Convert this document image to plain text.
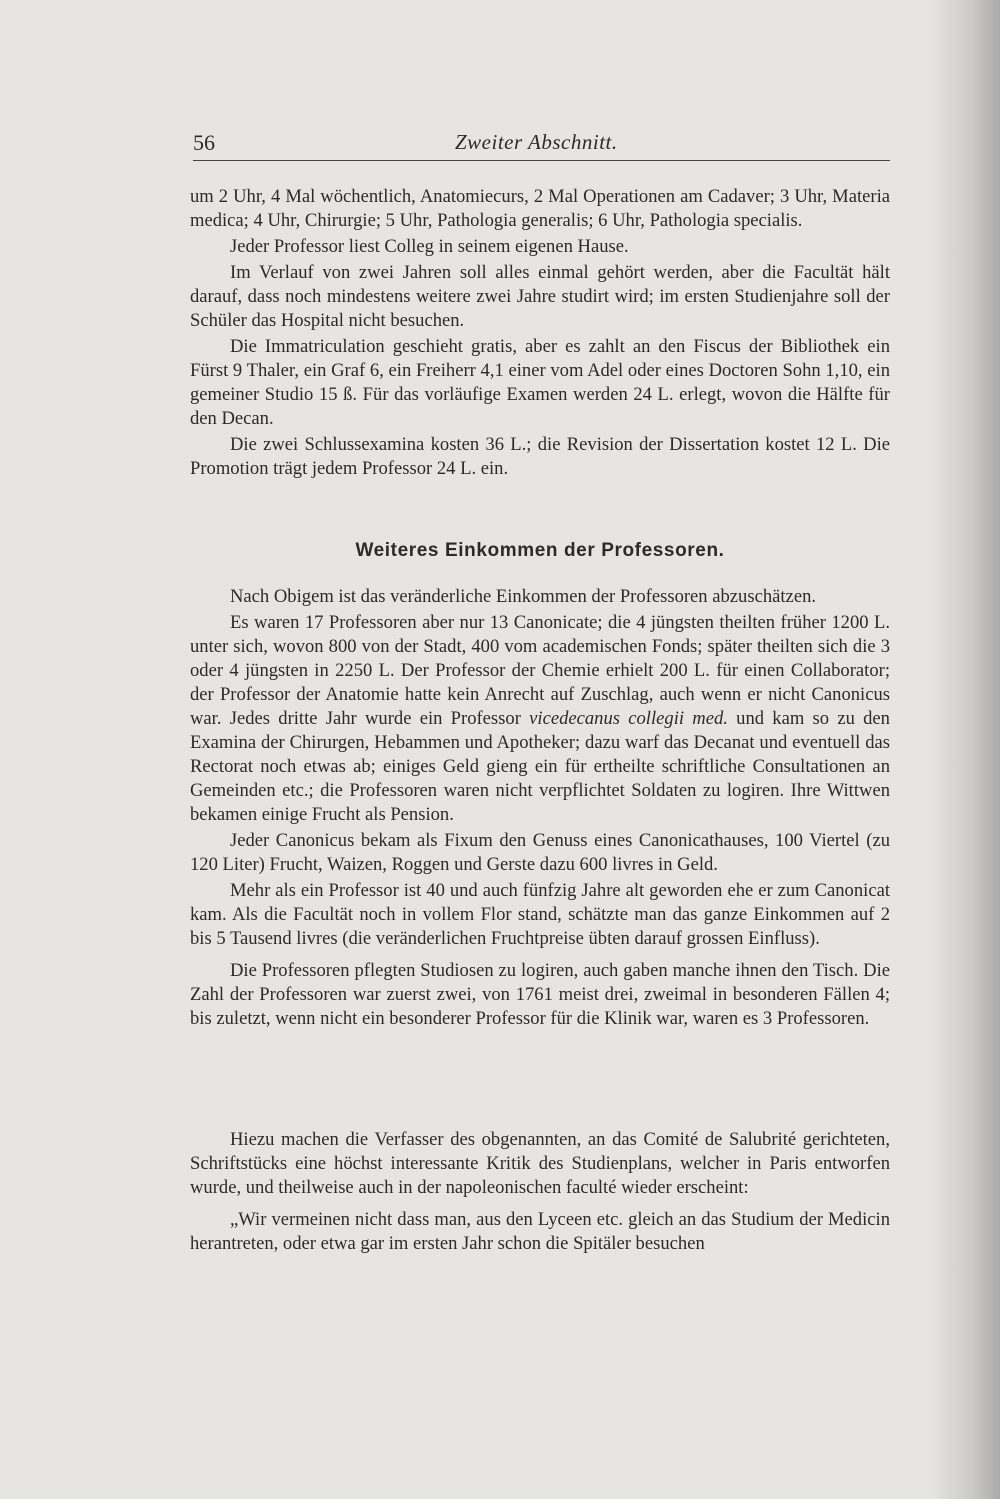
56	Zweiter Abschnitt.

um 2 Uhr, 4 Mal wöchentlich, Anatomiecurs, 2 Mal Operationen am Cadaver; 3 Uhr, Materia medica; 4 Uhr, Chirurgie; 5 Uhr, Pathologia generalis; 6 Uhr, Pathologia specialis.

Jeder Professor liest Colleg in seinem eigenen Hause.

Im Verlauf von zwei Jahren soll alles einmal gehört werden, aber die Facultät hält darauf, dass noch mindestens weitere zwei Jahre studirt wird; im ersten Studienjahre soll der Schüler das Hospital nicht besuchen.

Die Immatriculation geschieht gratis, aber es zahlt an den Fiscus der Bibliothek ein Fürst 9 Thaler, ein Graf 6, ein Freiherr 4,1 einer vom Adel oder eines Doctoren Sohn 1,10, ein gemeiner Studio 15 ß. Für das vorläufige Examen werden 24 L. erlegt, wovon die Hälfte für den Decan.

Die zwei Schlussexamina kosten 36 L.; die Revision der Dissertation kostet 12 L. Die Promotion trägt jedem Professor 24 L. ein.

Weiteres Einkommen der Professoren.

Nach Obigem ist das veränderliche Einkommen der Professoren abzuschätzen.

Es waren 17 Professoren aber nur 13 Canonicate; die 4 jüngsten theilten früher 1200 L. unter sich, wovon 800 von der Stadt, 400 vom academischen Fonds; später theilten sich die 3 oder 4 jüngsten in 2250 L. Der Professor der Chemie erhielt 200 L. für einen Collaborator; der Professor der Anatomie hatte kein Anrecht auf Zuschlag, auch wenn er nicht Canonicus war. Jedes dritte Jahr wurde ein Professor vicedecanus collegii med. und kam so zu den Examina der Chirurgen, Hebammen und Apotheker; dazu warf das Decanat und eventuell das Rectorat noch etwas ab; einiges Geld gieng ein für ertheilte schriftliche Consultationen an Gemeinden etc.; die Professoren waren nicht verpflichtet Soldaten zu logiren. Ihre Wittwen bekamen einige Frucht als Pension.

Jeder Canonicus bekam als Fixum den Genuss eines Canonicathauses, 100 Viertel (zu 120 Liter) Frucht, Waizen, Roggen und Gerste dazu 600 livres in Geld.

Mehr als ein Professor ist 40 und auch fünfzig Jahre alt geworden ehe er zum Canonicat kam. Als die Facultät noch in vollem Flor stand, schätzte man das ganze Einkommen auf 2 bis 5 Tausend livres (die veränderlichen Fruchtpreise übten darauf grossen Einfluss).

Die Professoren pflegten Studiosen zu logiren, auch gaben manche ihnen den Tisch. Die Zahl der Professoren war zuerst zwei, von 1761 meist drei, zweimal in besonderen Fällen 4; bis zuletzt, wenn nicht ein besonderer Professor für die Klinik war, waren es 3 Professoren.

Hiezu machen die Verfasser des obgenannten, an das Comité de Salubrité gerichteten, Schriftstücks eine höchst interessante Kritik des Studienplans, welcher in Paris entworfen wurde, und theilweise auch in der napoleonischen faculté wieder erscheint:

„Wir vermeinen nicht dass man, aus den Lyceen etc. gleich an das Studium der Medicin herantreten, oder etwa gar im ersten Jahr schon die Spitäler besuchen
